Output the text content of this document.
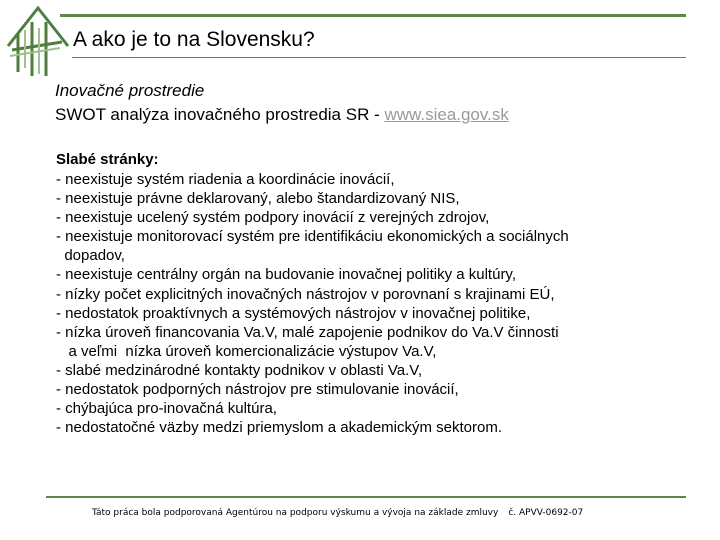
A ako je to na Slovensku?
Inovačné prostredie
SWOT analýza inovačného prostredia SR - www.siea.gov.sk
Slabé stránky:
- neexistuje systém riadenia a koordinácie inovácií,
- neexistuje právne deklarovaný, alebo štandardizovaný NIS,
- neexistuje ucelený systém podpory inovácií z verejných zdrojov,
- neexistuje monitorovací systém pre identifikáciu ekonomických a sociálnych
dopadov,
- neexistuje centrálny orgán na budovanie inovačnej politiky a kultúry,
- nízky počet explicitných inovačných nástrojov v porovnaní s krajinami EÚ,
- nedostatok proaktívnych a systémových nástrojov v inovačnej politike,
- nízka úroveň financovania Va.V, malé zapojenie podnikov do Va.V činnosti
a veľmi  nízka úroveň komercionalizácie výstupov Va.V,
- slabé medzinárodné kontakty podnikov v oblasti Va.V,
- nedostatok podporných nástrojov pre stimulovanie inovácií,
- chýbajúca pro-inovačná kultúra,
- nedostatočné väzby medzi priemyslom a akademickým sektorom.
Táto práca bola podporovaná Agentúrou na podporu výskumu a vývoja na základe zmluvy č. APVV-0692-07
